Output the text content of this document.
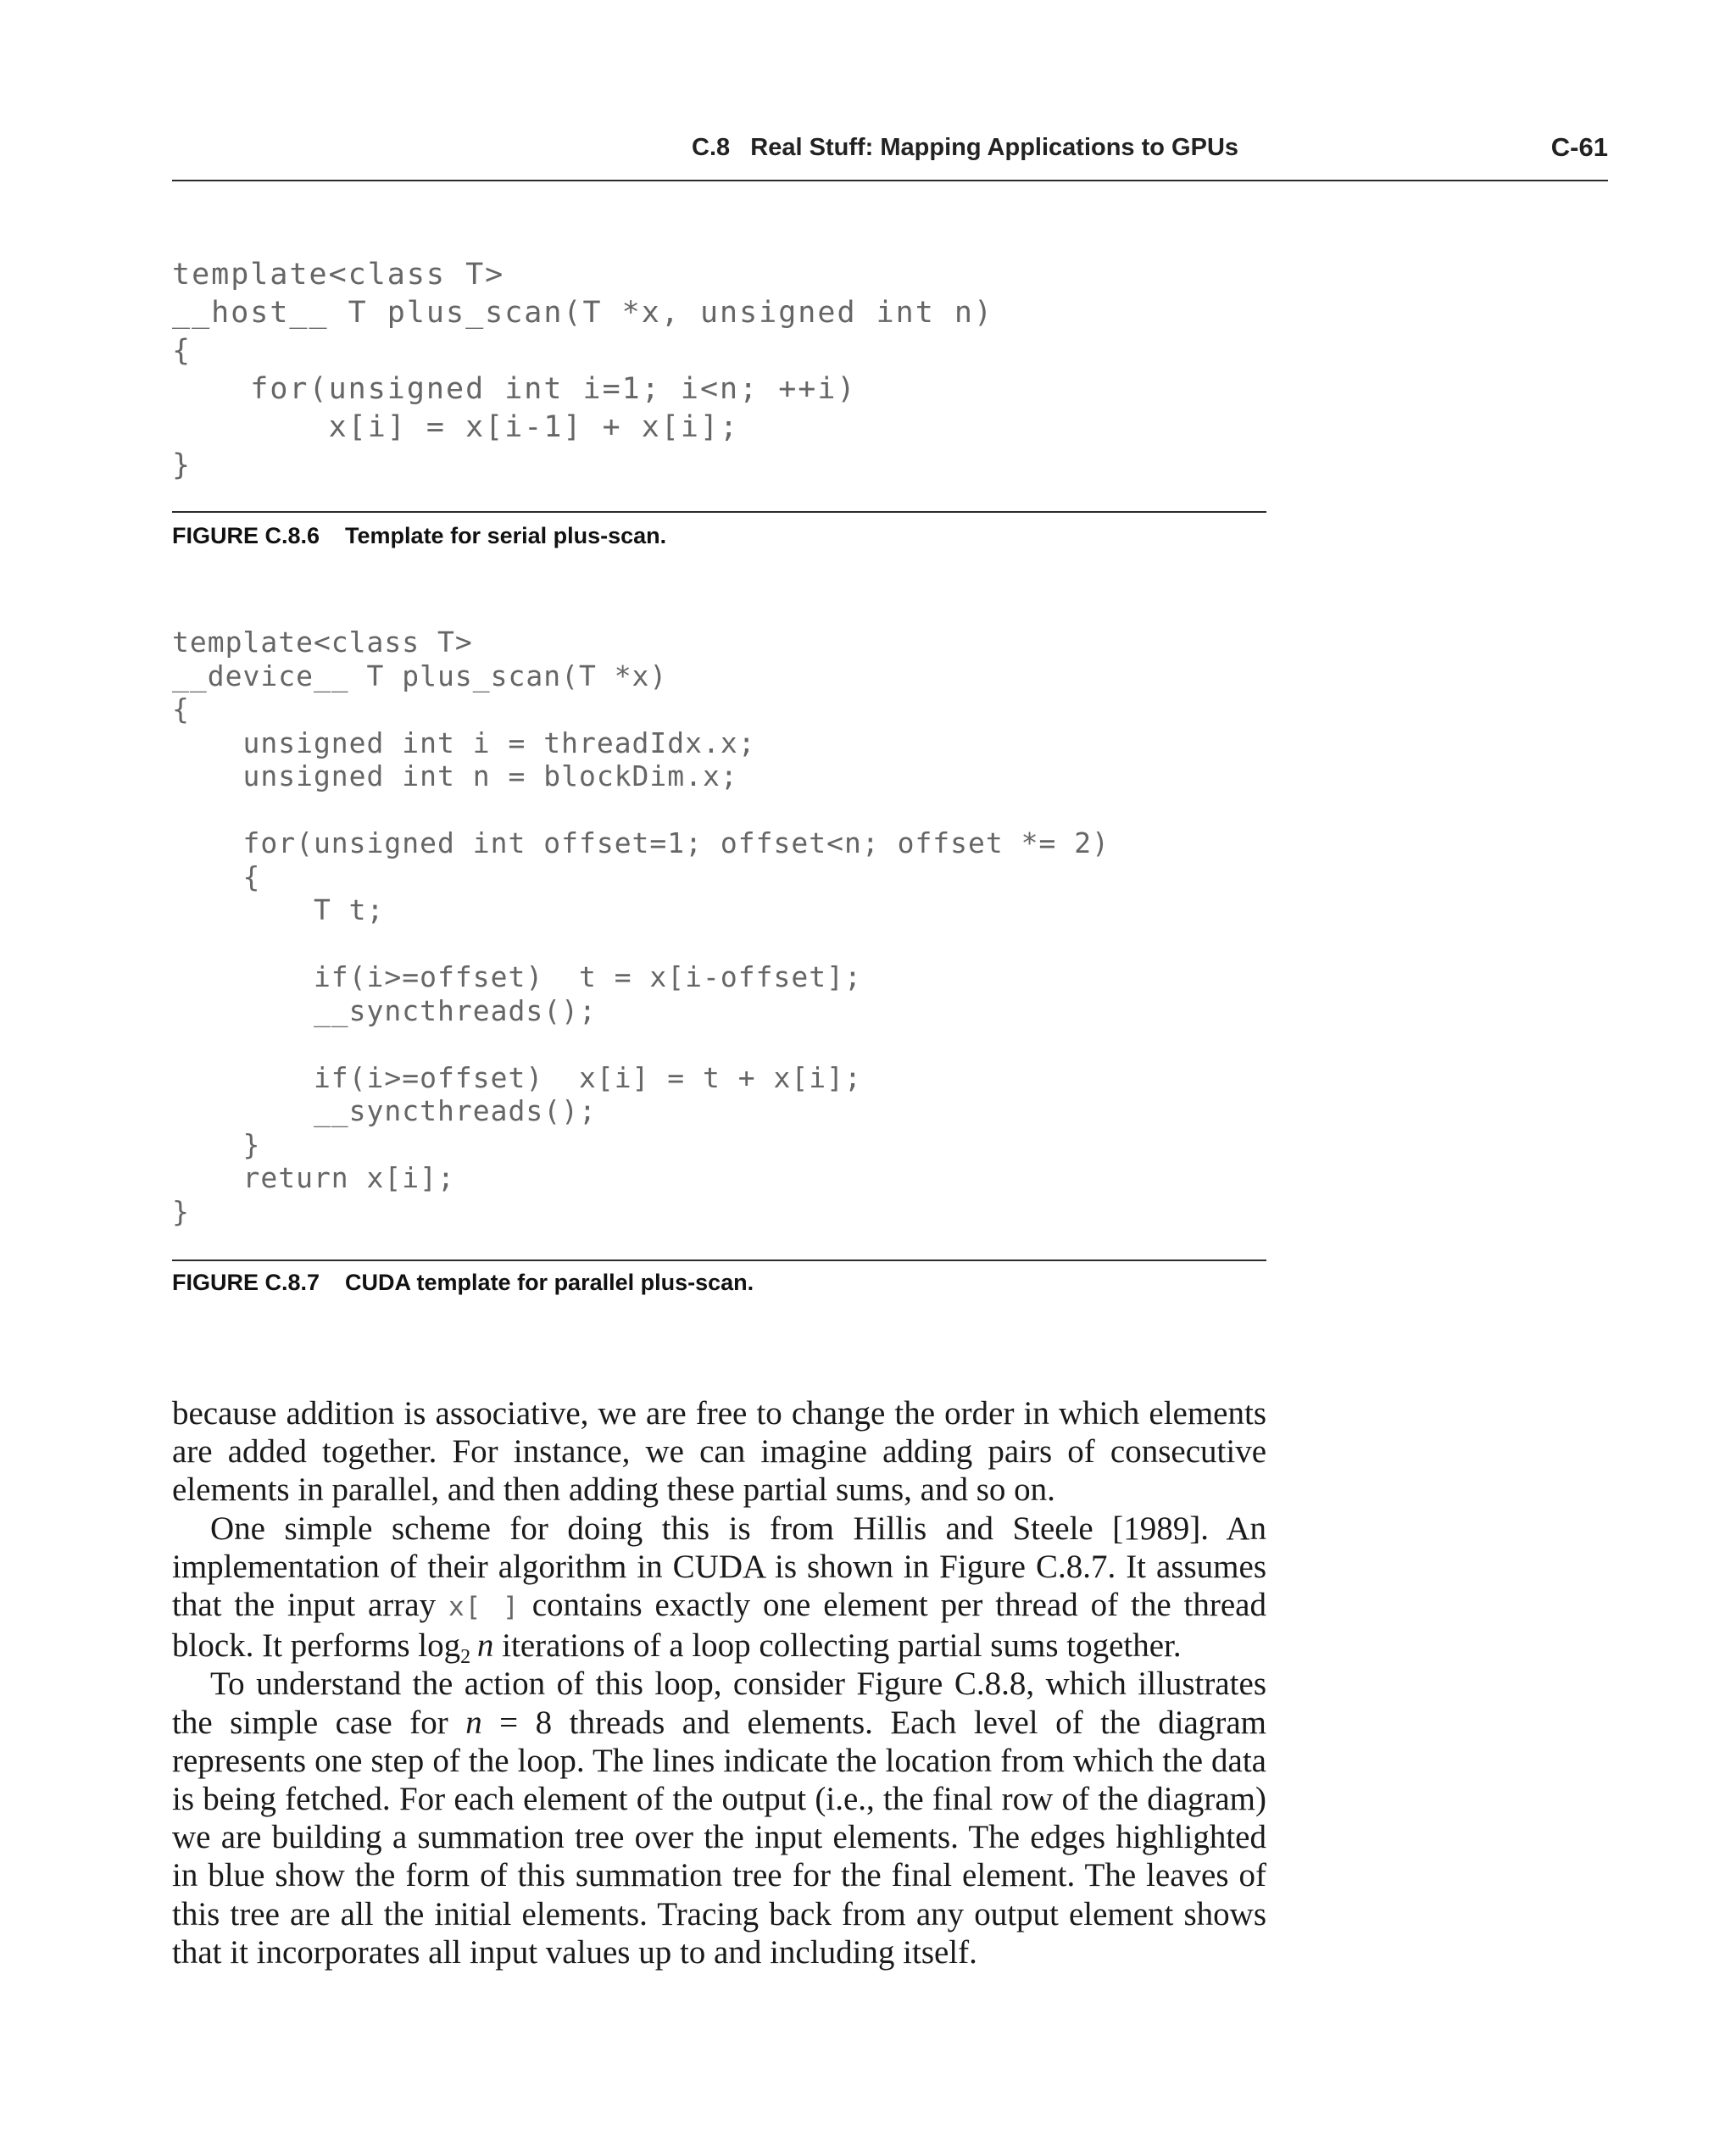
C.8   Real Stuff: Mapping Applications to GPUs	C-61
template<class T>
__host__ T plus_scan(T *x, unsigned int n)
{
for(unsigned int i=1; i<n; ++i)
x[i] = x[i-1] + x[i];
}
FIGURE C.8.6 Template for serial plus-scan.
template<class T>
__device__ T plus_scan(T *x)
{
unsigned int i = threadIdx.x;
unsigned int n = blockDim.x;

for(unsigned int offset=1; offset<n; offset *= 2)
{
T t;

if(i>=offset)  t = x[i-offset];
__syncthreads();

if(i>=offset)  x[i] = t + x[i];
__syncthreads();
}
return x[i];
}
FIGURE C.8.7 CUDA template for parallel plus-scan.

because addition is associative, we are free to change the order in which elements are added together. For instance, we can imagine adding pairs of consecutive elements in parallel, and then adding these partial sums, and so on.

One simple scheme for doing this is from Hillis and Steele [1989]. An implementation of their algorithm in CUDA is shown in Figure C.8.7. It assumes that the input array x[ ] contains exactly one element per thread of the thread block. It performs $\log_2 n$ iterations of a loop collecting partial sums together.

To understand the action of this loop, consider Figure C.8.8, which illustrates the simple case for n = 8 threads and elements. Each level of the diagram represents one step of the loop. The lines indicate the location from which the data is being fetched. For each element of the output (i.e., the final row of the diagram) we are building a summation tree over the input elements. The edges highlighted in blue show the form of this summation tree for the final element. The leaves of this tree are all the initial elements. Tracing back from any output element shows that it incorporates all input values up to and including itself.
